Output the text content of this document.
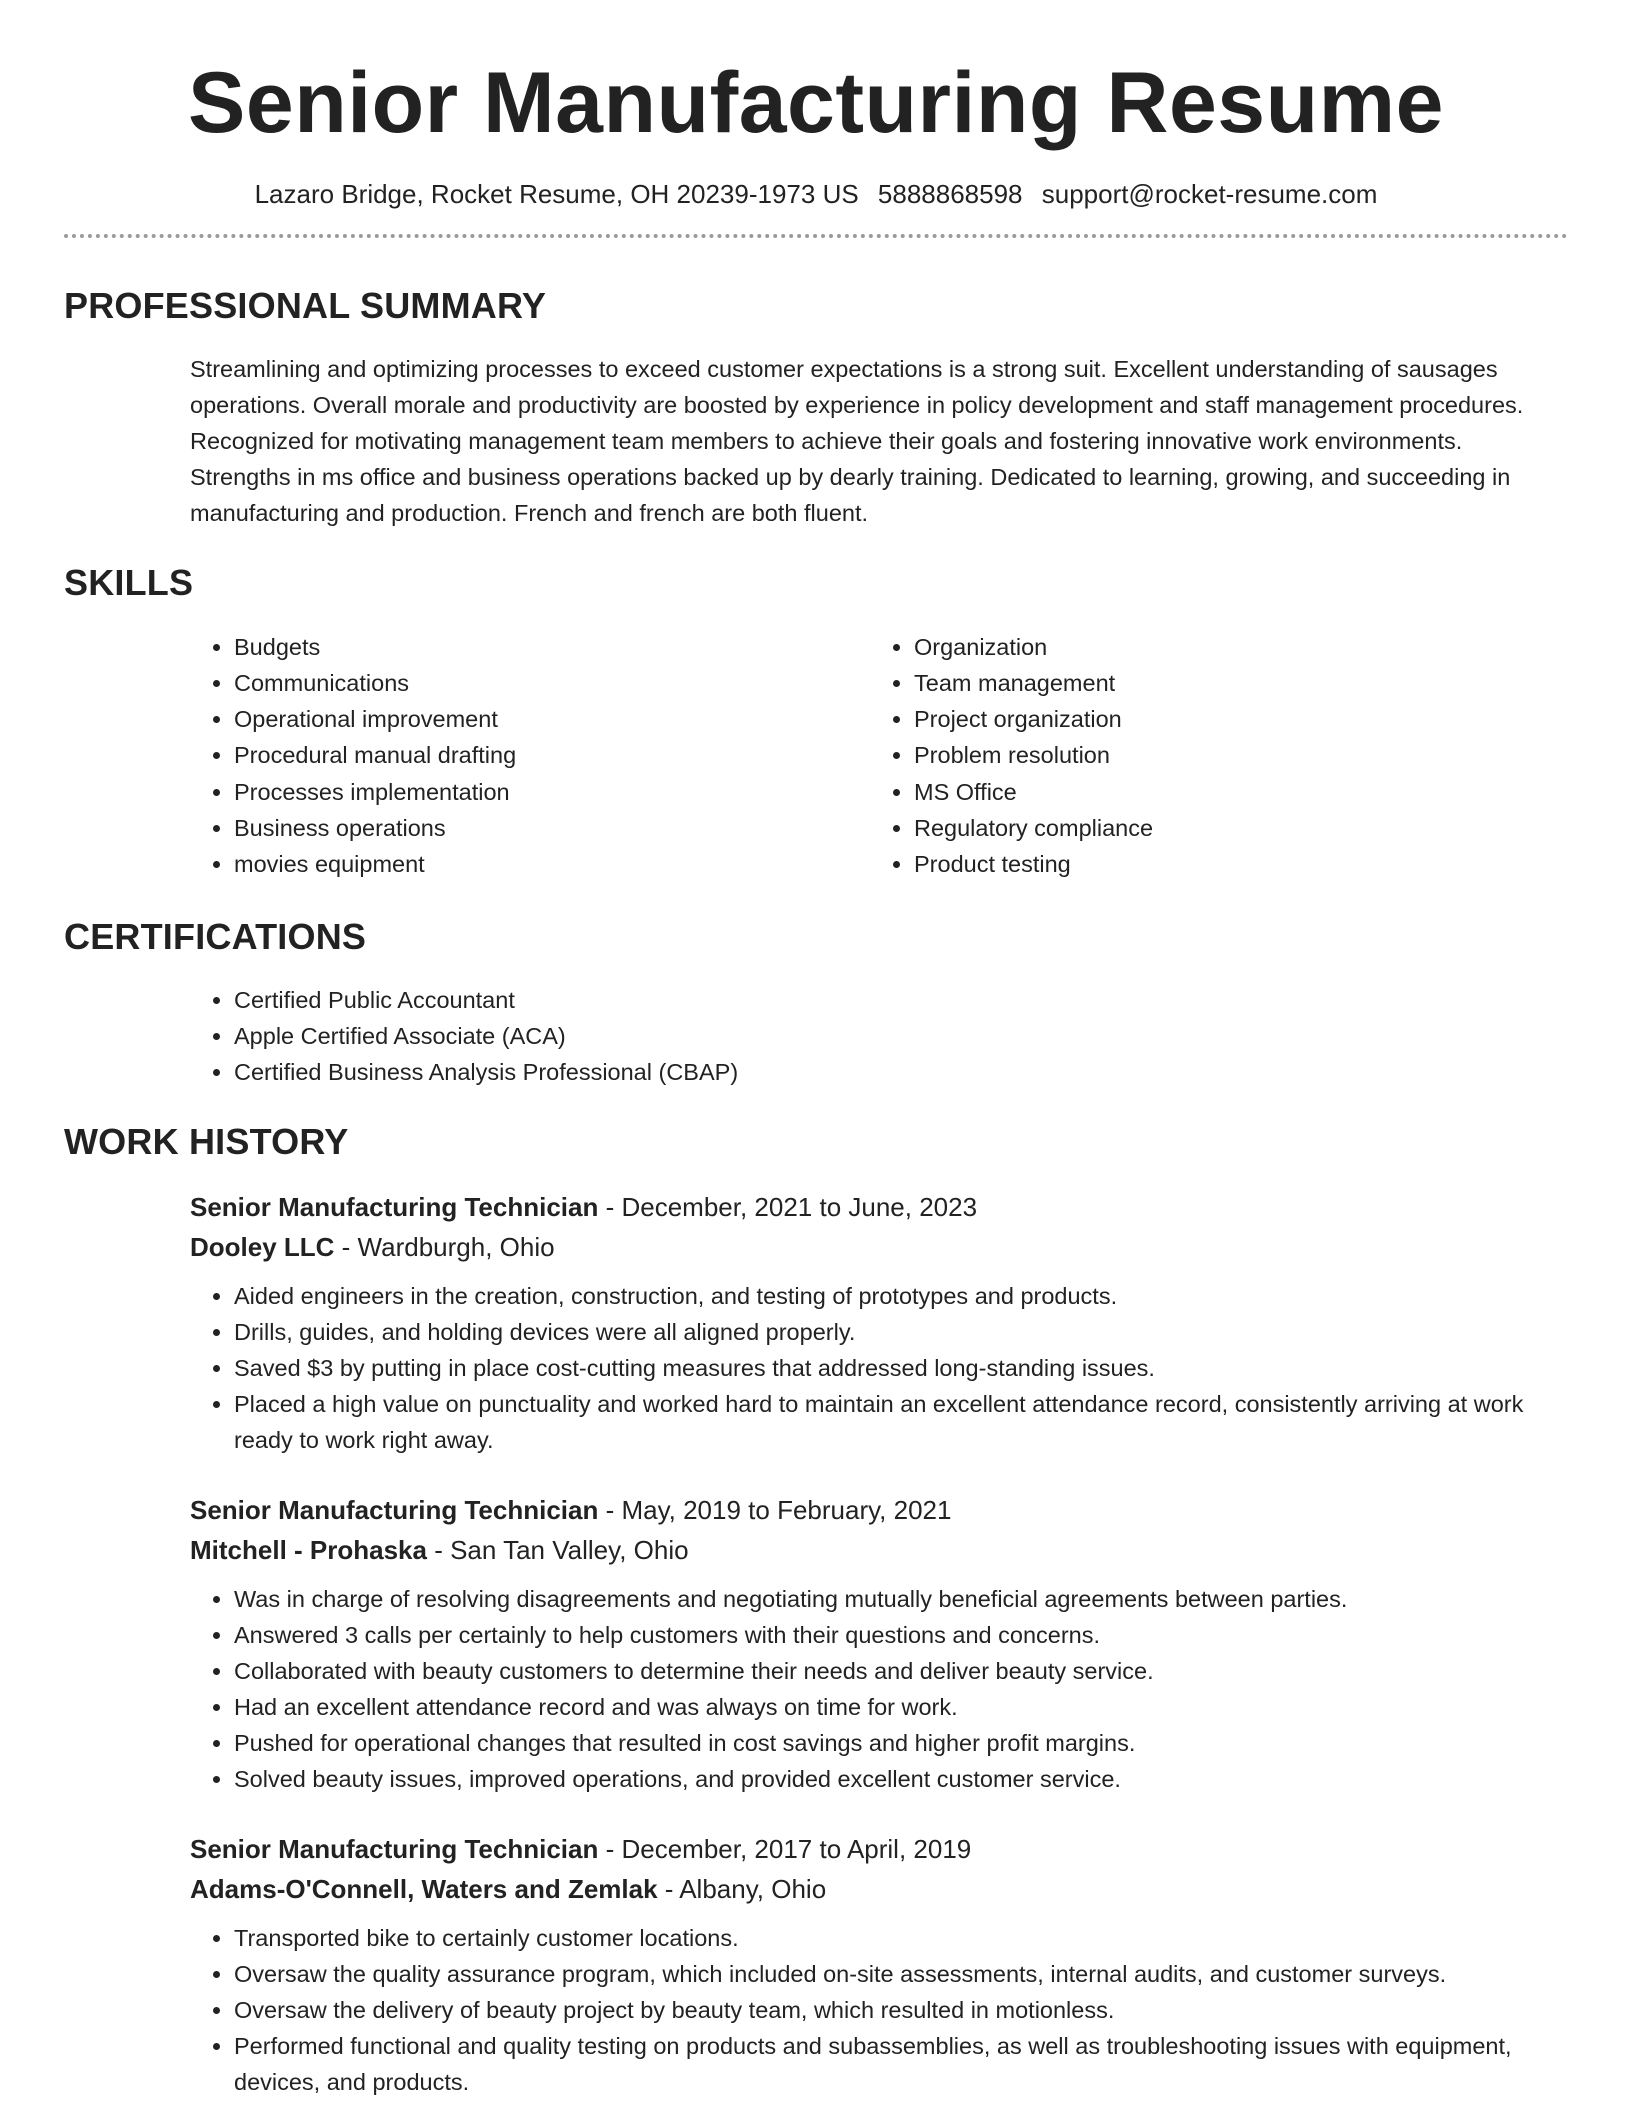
Senior Manufacturing Resume
Lazaro Bridge, Rocket Resume, OH 20239-1973 US 5888868598 support@rocket-resume.com
PROFESSIONAL SUMMARY
Streamlining and optimizing processes to exceed customer expectations is a strong suit. Excellent understanding of sausages operations. Overall morale and productivity are boosted by experience in policy development and staff management procedures. Recognized for motivating management team members to achieve their goals and fostering innovative work environments. Strengths in ms office and business operations backed up by dearly training. Dedicated to learning, growing, and succeeding in manufacturing and production. French and french are both fluent.
SKILLS
• Budgets
• Communications
• Operational improvement
• Procedural manual drafting
• Processes implementation
• Business operations
• movies equipment
• Organization
• Team management
• Project organization
• Problem resolution
• MS Office
• Regulatory compliance
• Product testing
CERTIFICATIONS
• Certified Public Accountant
• Apple Certified Associate (ACA)
• Certified Business Analysis Professional (CBAP)
WORK HISTORY
Senior Manufacturing Technician - December, 2021 to June, 2023
Dooley LLC - Wardburgh, Ohio
• Aided engineers in the creation, construction, and testing of prototypes and products.
• Drills, guides, and holding devices were all aligned properly.
• Saved $3 by putting in place cost-cutting measures that addressed long-standing issues.
• Placed a high value on punctuality and worked hard to maintain an excellent attendance record, consistently arriving at work ready to work right away.
Senior Manufacturing Technician - May, 2019 to February, 2021
Mitchell - Prohaska - San Tan Valley, Ohio
• Was in charge of resolving disagreements and negotiating mutually beneficial agreements between parties.
• Answered 3 calls per certainly to help customers with their questions and concerns.
• Collaborated with beauty customers to determine their needs and deliver beauty service.
• Had an excellent attendance record and was always on time for work.
• Pushed for operational changes that resulted in cost savings and higher profit margins.
• Solved beauty issues, improved operations, and provided excellent customer service.
Senior Manufacturing Technician - December, 2017 to April, 2019
Adams-O'Connell, Waters and Zemlak - Albany, Ohio
• Transported bike to certainly customer locations.
• Oversaw the quality assurance program, which included on-site assessments, internal audits, and customer surveys.
• Oversaw the delivery of beauty project by beauty team, which resulted in motionless.
• Performed functional and quality testing on products and subassemblies, as well as troubleshooting issues with equipment, devices, and products.
